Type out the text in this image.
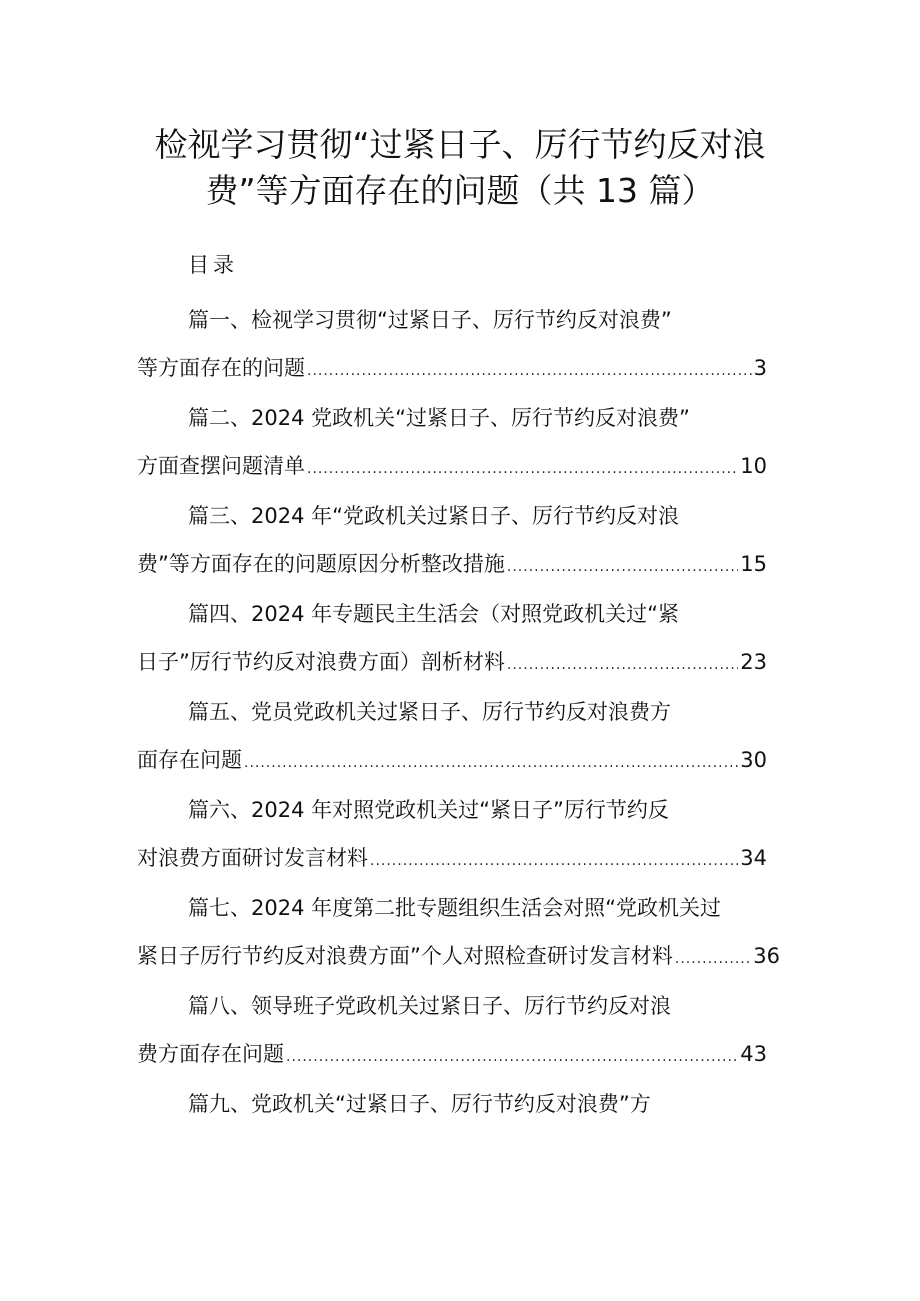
检视学习贯彻“过紧日子、厉行节约反对浪
费”等方面存在的问题（共 13 篇）
目录
篇一、检视学习贯彻“过紧日子、厉行节约反对浪费”
等方面存在的问题 .....	3
篇二、2024 党政机关“过紧日子、厉行节约反对浪费”
方面查摆问题清单 .....	10
篇三、2024 年“党政机关过紧日子、厉行节约反对浪
费”等方面存在的问题原因分析整改措施 .....	15
篇四、2024 年专题民主生活会（对照党政机关过“紧
日子”厉行节约反对浪费方面）剖析材料 .....	23
篇五、党员党政机关过紧日子、厉行节约反对浪费方
面存在问题 .....	30
篇六、2024 年对照党政机关过“紧日子”厉行节约反
对浪费方面研讨发言材料 .....	34
篇七、2024 年度第二批专题组织生活会对照“党政机关过
紧日子厉行节约反对浪费方面”个人对照检查研讨发言材料 .....	36
篇八、领导班子党政机关过紧日子、厉行节约反对浪
费方面存在问题 .....	43
篇九、党政机关“过紧日子、厉行节约反对浪费”方
